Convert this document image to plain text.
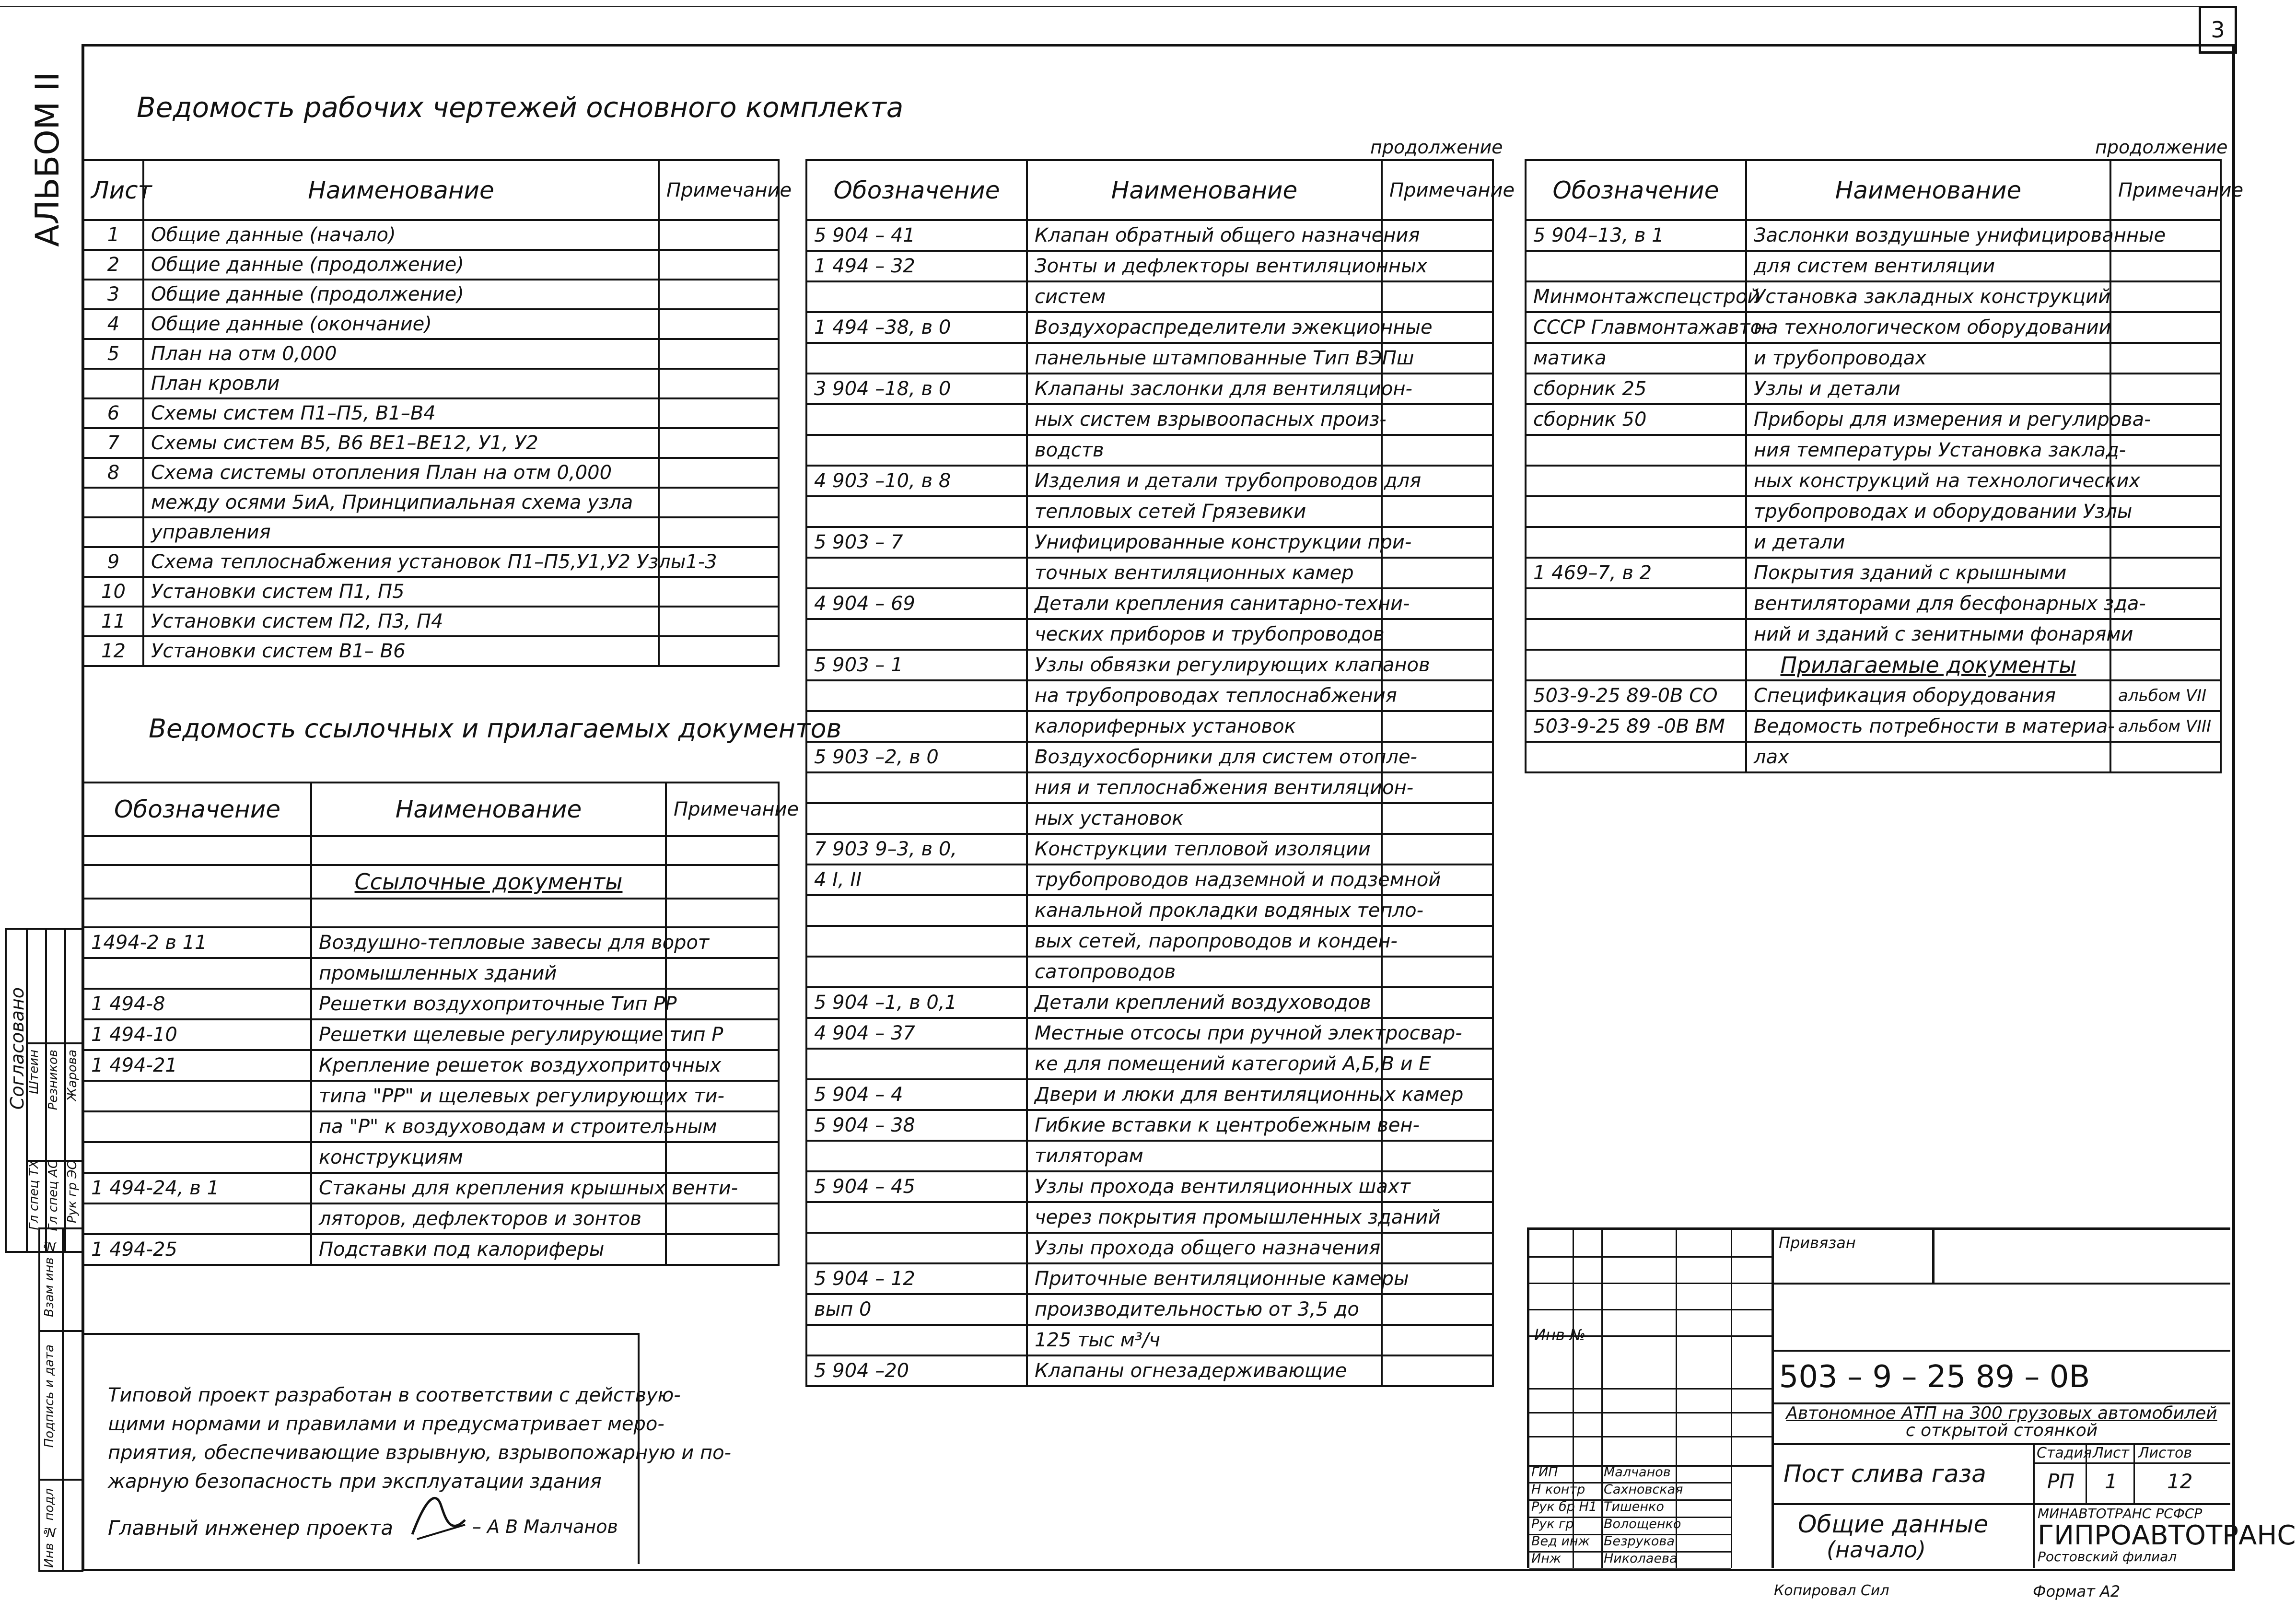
3
АЛЬБОМ II	Ведомость рабочих чертежей основного комплекта
продолжение	продолжение
Лист	Наименование	Примечание
1	Общие данные (начало)	
2	Общие данные (продолжение)	
3	Общие данные (продолжение)	
4	Общие данные (окончание)	
5	План на отм 0,000	
	План кровли	
6	Схемы систем П1–П5, В1–В4	
7	Схемы систем В5, В6 ВЕ1–ВЕ12, У1, У2	
8	Схема системы отопления План на отм 0,000	
	между осями 5иА, Принципиальная схема узла	
	управления	
9	Схема теплоснабжения установок П1–П5,У1,У2 Узлы1-3	
10	Установки систем П1, П5	
11	Установки систем П2, П3, П4	
12	Установки систем В1– В6	
Ведомость ссылочных и прилагаемых документов
Обозначение	Наименование	Примечание

	Ссылочные документы	

1494-2 в 11	Воздушно-тепловые завесы для ворот	
	промышленных зданий	
1 494-8	Решетки воздухоприточные Тип РР	
1 494-10	Решетки щелевые регулирующие тип Р	
1 494-21	Крепление решеток воздухоприточных	
	типа "РР" и щелевых регулирующих ти-	
	па "Р" к воздуховодам и строительным	
	конструкциям	
1 494-24, в 1	Стаканы для крепления крышных венти-	
	ляторов, дефлекторов и зонтов	
1 494-25	Подставки под калориферы	
Обозначение	Наименование	Примечание
5 904 – 41	Клапан обратный общего назначения	
1 494 – 32	Зонты и дефлекторы вентиляционных	
	систем	
1 494 –38, в 0	Воздухораспределители эжекционные	
	панельные штампованные Тип ВЭПш	
3 904 –18, в 0	Клапаны заслонки для вентиляцион-	
	ных систем взрывоопасных произ-	
	водств	
4 903 –10, в 8	Изделия и детали трубопроводов для	
	тепловых сетей Грязевики	
5 903 – 7	Унифицированные конструкции при-	
	точных вентиляционных камер	
4 904 – 69	Детали крепления санитарно-техни-	
	ческих приборов и трубопроводов	
5 903 – 1	Узлы обвязки регулирующих клапанов	
	на трубопроводах теплоснабжения	
	калориферных установок	
5 903 –2, в 0	Воздухосборники для систем отопле-	
	ния и теплоснабжения вентиляцион-	
	ных установок	
7 903 9–3, в 0,	Конструкции тепловой изоляции	
4 I, II	трубопроводов надземной и подземной	
	канальной прокладки водяных тепло-	
	вых сетей, паропроводов и конден-	
	сатопроводов	
5 904 –1, в 0,1	Детали креплений воздуховодов	
4 904 – 37	Местные отсосы при ручной электросвар-	
	ке для помещений категорий А,Б,В и Е	
5 904 – 4	Двери и люки для вентиляционных камер	
5 904 – 38	Гибкие вставки к центробежным вен-	
	тиляторам	
5 904 – 45	Узлы прохода вентиляционных шахт	
	через покрытия промышленных зданий	
	Узлы прохода общего назначения	
5 904 – 12	Приточные вентиляционные камеры	
вып 0	производительностью от 3,5 до	
	125 тыс м³/ч	
5 904 –20	Клапаны огнезадерживающие	
Обозначение	Наименование	Примечание
5 904–13, в 1	Заслонки воздушные унифицированные	
	для систем вентиляции	
Минмонтажспецстрой	Установка закладных конструкций	
СССР Главмонтажавто-	на технологическом оборудовании	
матика	и трубопроводах	
сборник 25	Узлы и детали	
сборник 50	Приборы для измерения и регулирова-	
	ния температуры Установка заклад-	
	ных конструкций на технологических	
	трубопроводах и оборудовании Узлы	
	и детали	
1 469–7, в 2	Покрытия зданий с крышными	
	вентиляторами для бесфонарных зда-	
	ний и зданий с зенитными фонарями	
	Прилагаемые документы	
503-9-25 89-0В СО	Спецификация оборудования	альбом VII
503-9-25 89 -0В ВМ	Ведомость потребности в материа-	альбом VIII
	лах	
Типовой проект разработан в соответствии с действую-
щими нормами и правилами и предусматривает меро-
приятия, обеспечивающие взрывную, взрывопожарную и по-
жарную безопасность при эксплуатации здания
Главный инженер проекта	– А В Малчанов
Согласовано
Гл спец ТХ
Штеин
Гл спец АС
Резников
Рук гр ЭО
Жарова
Взам инв №
Подпись и дата
Инв № подл
Инв №
ГИП	Малчанов
Н контр Сахновская
Рук бр Н1 Тишенко
Рук гр Волощенко
Вед инж Безрукова
Инж	Николаева
Привязан
503 – 9 – 25 89 – 0В
Автономное АТП на 300 грузовых автомобилей
с открытой стоянкой
Пост слива газа
Общие данные
(начало)
Стадия Лист Листов
РП 1 12
МИНАВТОТРАНС РСФСР
ГИПРОАВТОТРАНС
Ростовский филиал
Копировал Сил	Формат А2
